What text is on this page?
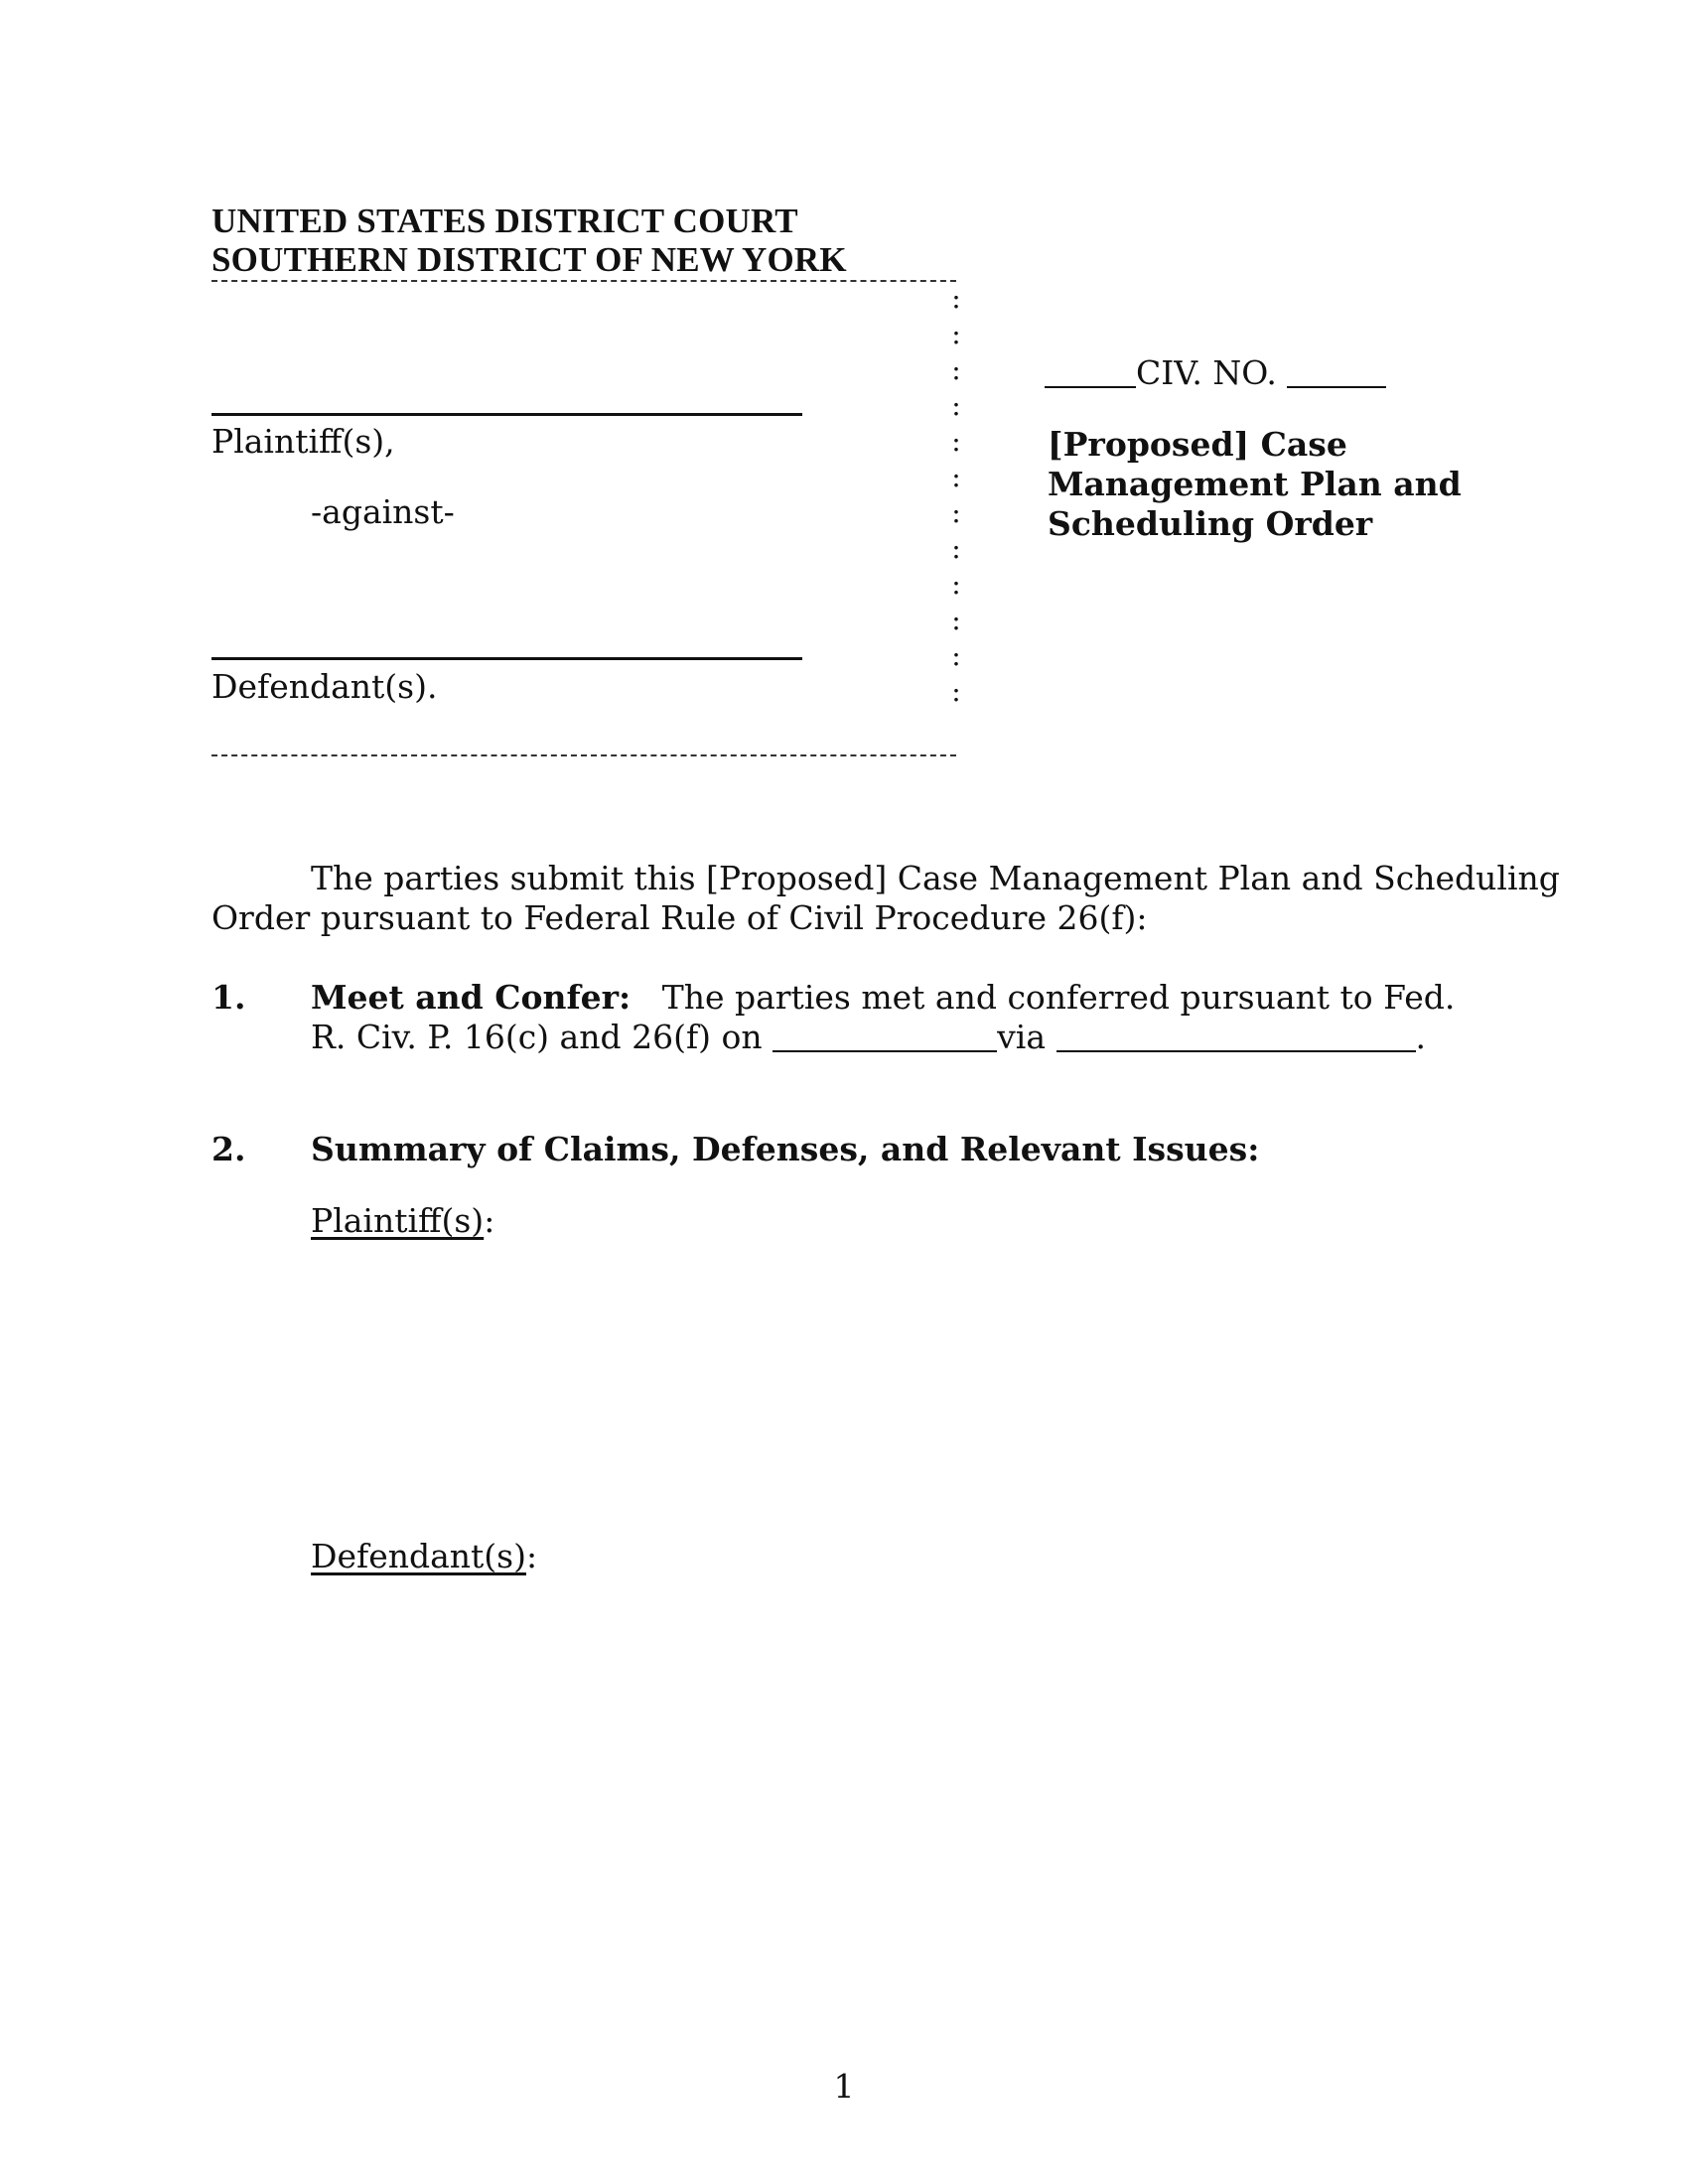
UNITED STATES DISTRICT COURT
SOUTHERN DISTRICT OF NEW YORK
:
:
:
:
:
:
:
:
:
:
:
:
Plaintiff(s),
-against-
Defendant(s).
CIV. NO.
[Proposed] Case
Management Plan and
Scheduling Order
The parties submit this [Proposed] Case Management Plan and Scheduling
Order pursuant to Federal Rule of Civil Procedure 26(f):
1. Meet and Confer: The parties met and conferred pursuant to Fed.
R. Civ. P. 16(c) and 26(f) on	via	.
2. Summary of Claims, Defenses, and Relevant Issues:
Plaintiff(s):
Defendant(s):
1
